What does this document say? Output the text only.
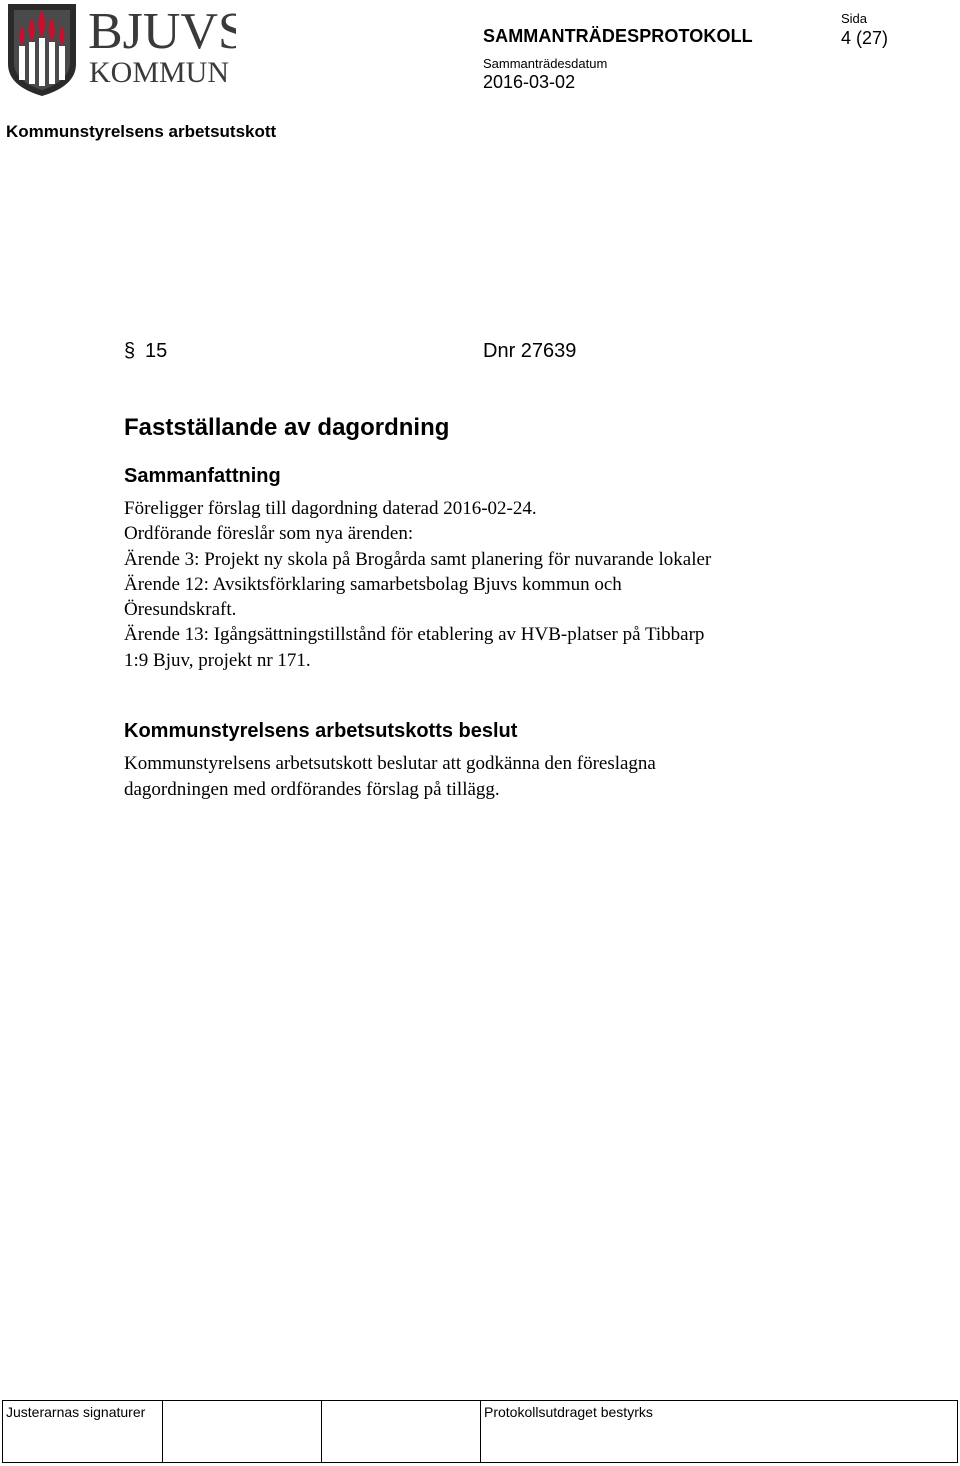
BJUVS
KOMMUN
SAMMANTRÄDESPROTOKOLL
Sammanträdesdatum
2016-03-02
Sida
4 (27)
Kommunstyrelsens arbetsutskott
§ 15	Dnr 27639
Fastställande av dagordning
Sammanfattning

Föreligger förslag till dagordning daterad 2016-02-24.

Ordförande föreslår som nya ärenden:

Ärende 3: Projekt ny skola på Brogårda samt planering för nuvarande lokaler

Ärende 12: Avsiktsförklaring samarbetsbolag Bjuvs kommun och

Öresundskraft.

Ärende 13: Igångsättningstillstånd för etablering av HVB-platser på Tibbarp

1:9 Bjuv, projekt nr 171.

Kommunstyrelsens arbetsutskotts beslut

Kommunstyrelsens arbetsutskott beslutar att godkänna den föreslagna

dagordningen med ordförandes förslag på tillägg.

Justerarnas signaturer	Protokollsutdraget bestyrks
